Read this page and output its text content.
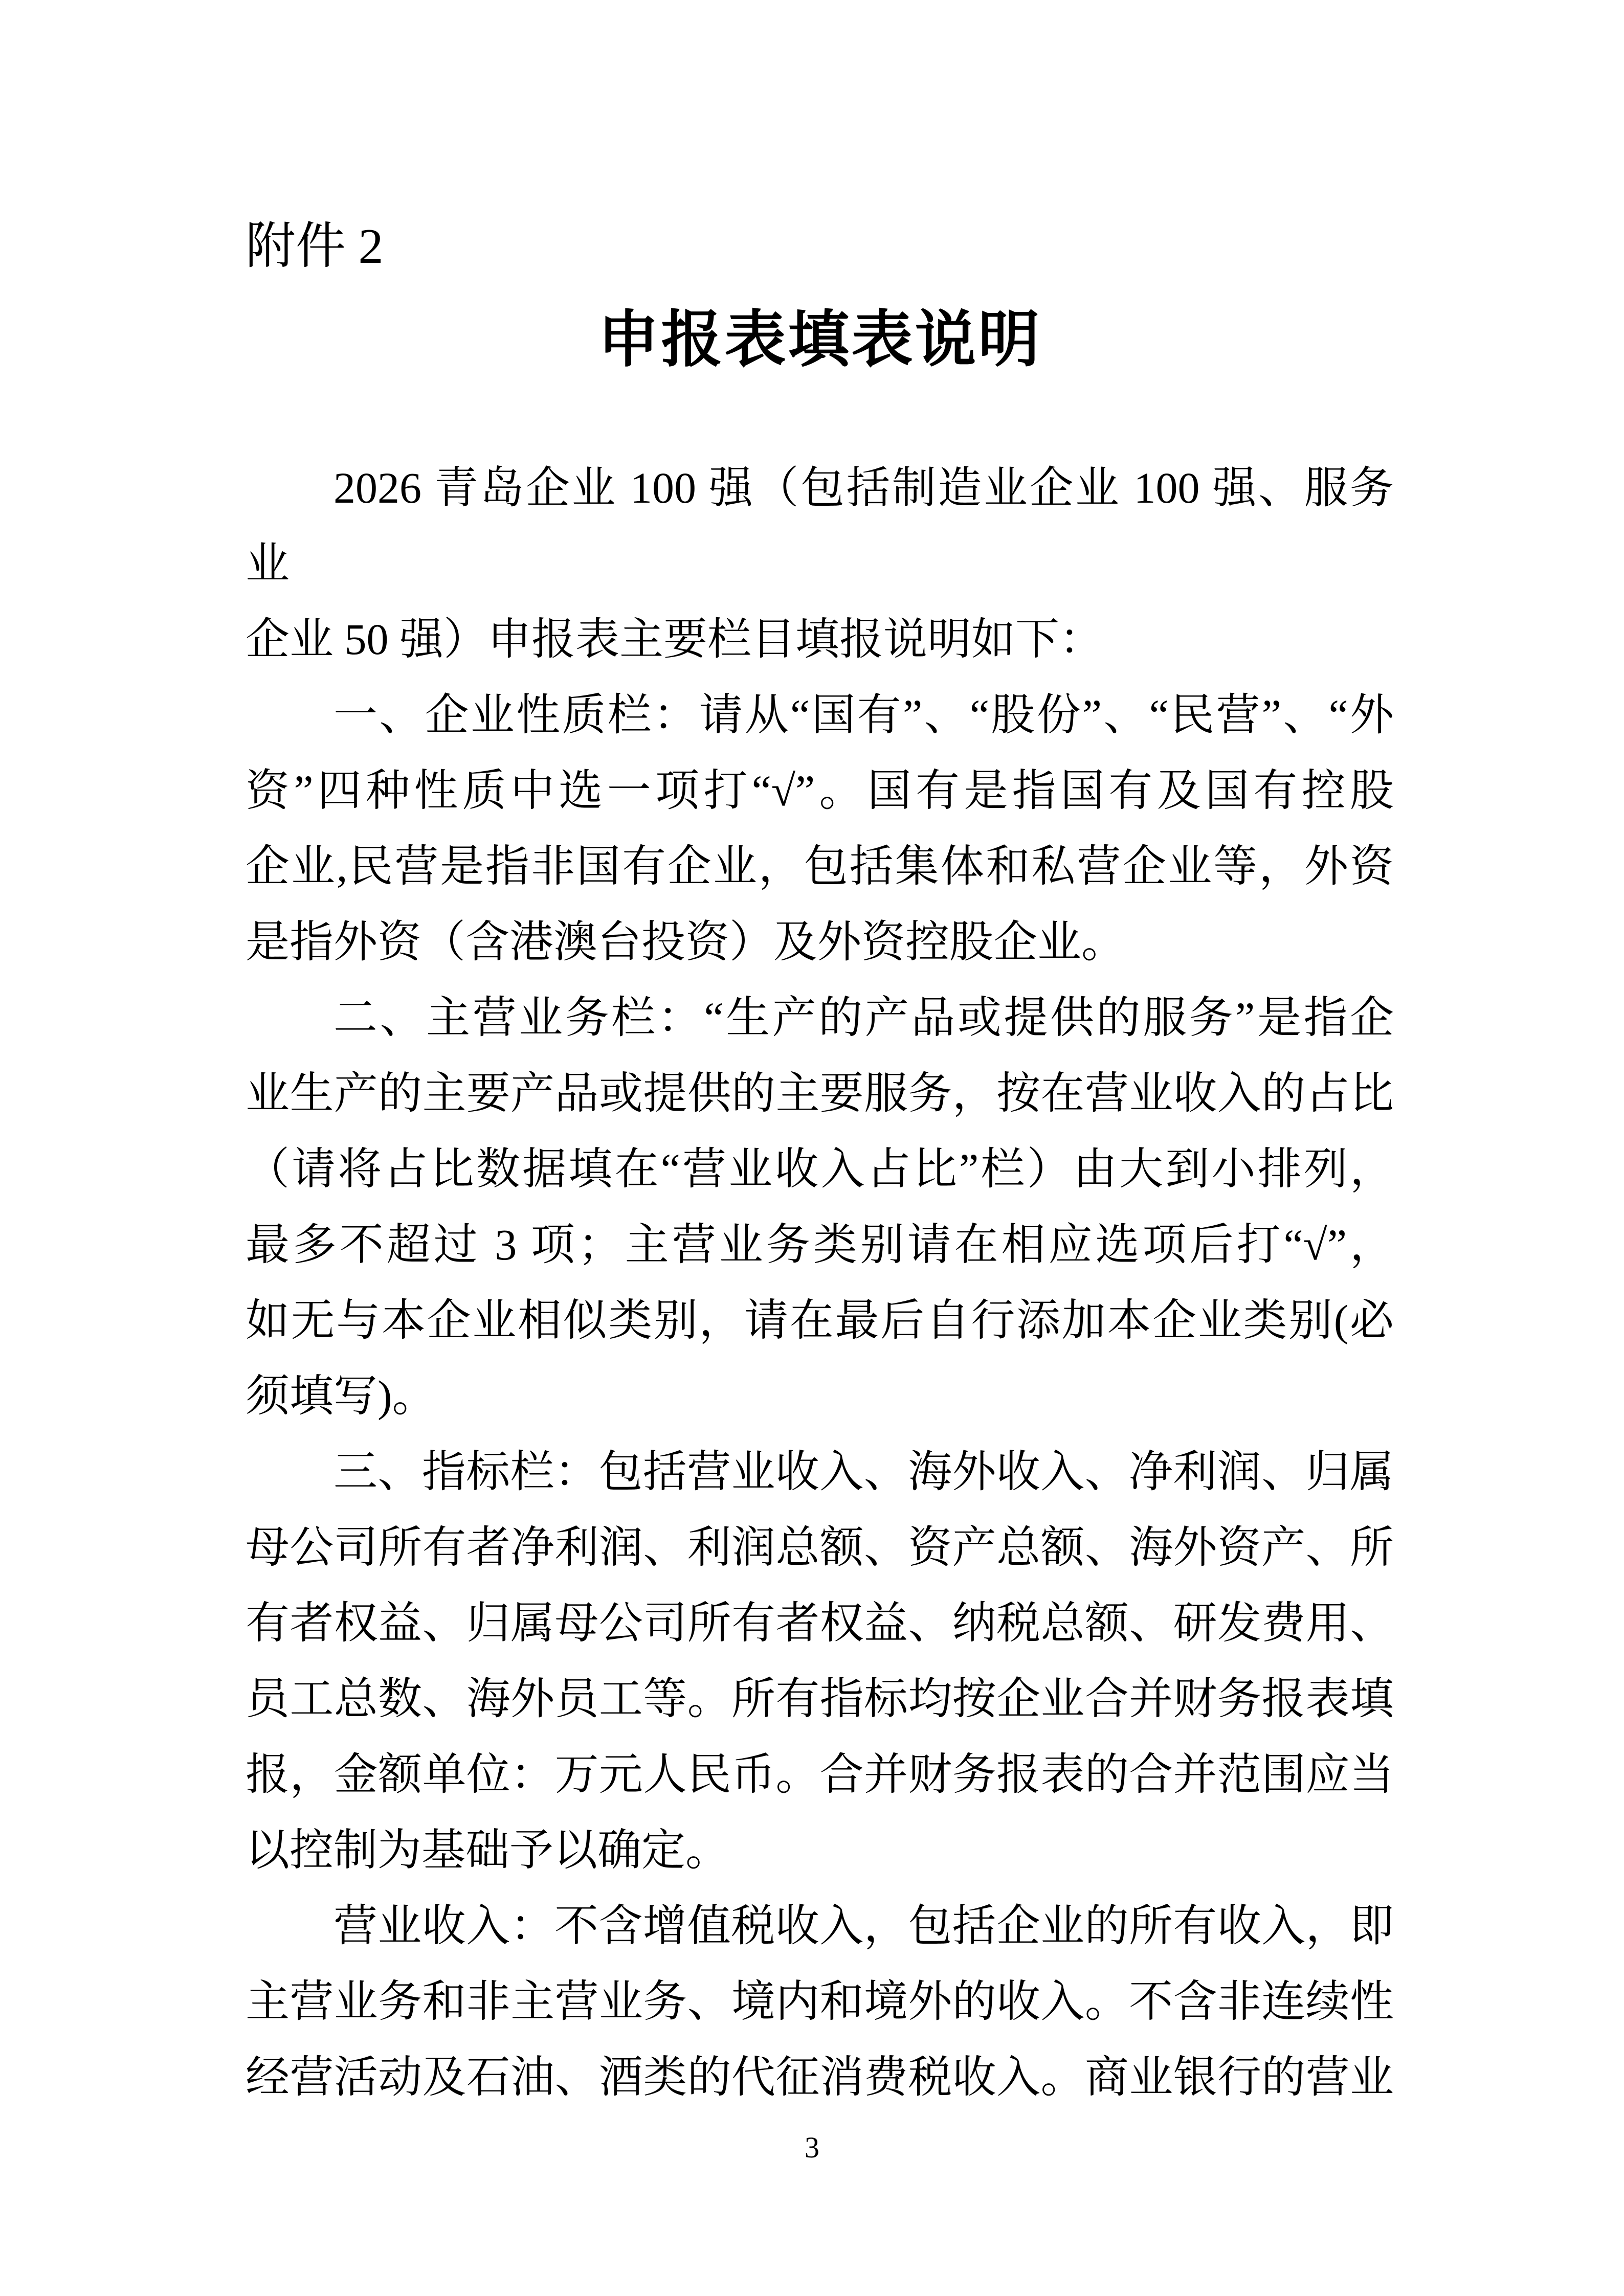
附件 2
申报表填表说明
2026 青岛企业 100 强（包括制造业企业 100 强、服务业
企业 50 强）申报表主要栏目填报说明如下：
一、企业性质栏：请从“国有”、“股份”、“民营”、“外
资”四种性质中选一项打“√”。国有是指国有及国有控股
企业,民营是指非国有企业，包括集体和私营企业等，外资
是指外资（含港澳台投资）及外资控股企业。
二、主营业务栏：“生产的产品或提供的服务”是指企
业生产的主要产品或提供的主要服务，按在营业收入的占比
（请将占比数据填在“营业收入占比”栏）由大到小排列，
最多不超过 3 项；主营业务类别请在相应选项后打“√”，
如无与本企业相似类别，请在最后自行添加本企业类别(必
须填写)。
三、指标栏：包括营业收入、海外收入、净利润、归属
母公司所有者净利润、利润总额、资产总额、海外资产、所
有者权益、归属母公司所有者权益、纳税总额、研发费用、
员工总数、海外员工等。所有指标均按企业合并财务报表填
报，金额单位：万元人民币。合并财务报表的合并范围应当
以控制为基础予以确定。
营业收入：不含增值税收入，包括企业的所有收入，即
主营业务和非主营业务、境内和境外的收入。不含非连续性
经营活动及石油、酒类的代征消费税收入。商业银行的营业
3
